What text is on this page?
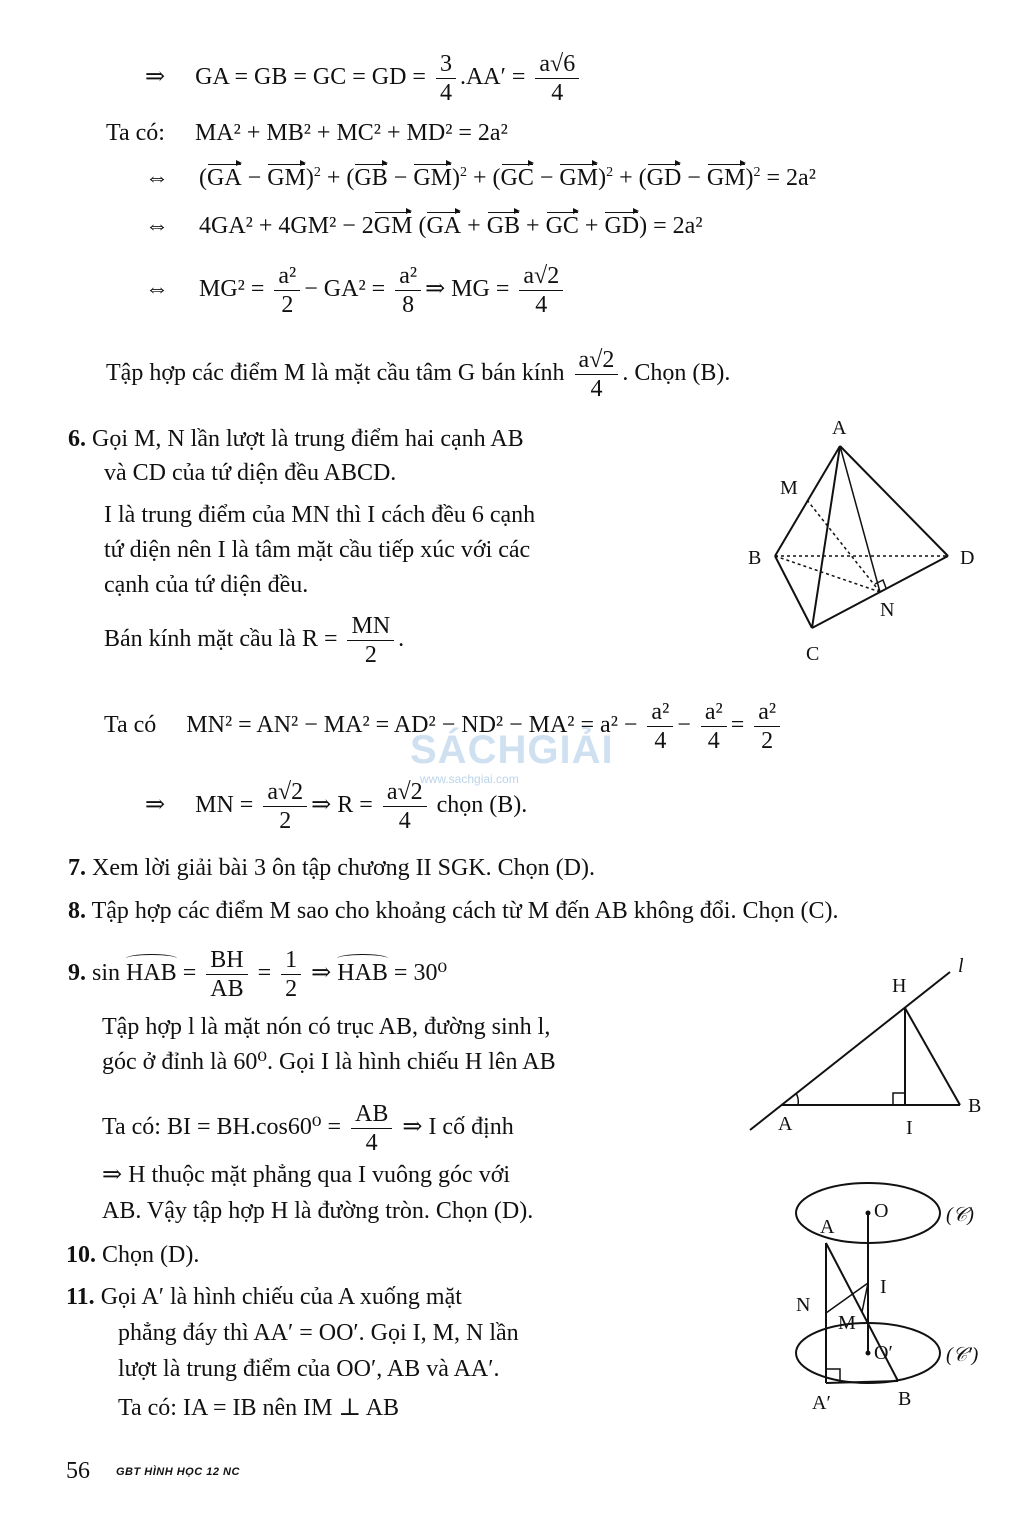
⇒ GA = GB = GC = GD = $\frac{3}{4} .AA' = \frac{a√6}{4}$
Ta có: MA² + MB² + MC² + MD² = 2a²
⇔     (GA − GM)$^2$ + (GB − GM)$^2$ + (GC − GM)$^2$ + (GD − GM)$^2$ = 2a²
⇔ 4GA² + 4GM² − 2GM (GA + GB + GC + GD) = 2a²
⇔ $MG^2 = \frac{\text{a²}}{2} - GA^2 = \frac{\text{a²}}{8}$ ⇒ MG = $\frac{a√2}{4}$
Tập hợp các điểm M là mặt cầu tâm G bán kính $\frac{a√2}{4}$ . Chọn (B).
6. Gọi M, N lần lượt là trung điểm hai cạnh AB
và CD của tứ diện đều ABCD.
I là trung điểm của MN thì I cách đều 6 cạnh
tứ diện nên I là tâm mặt cầu tiếp xúc với các
cạnh của tứ diện đều.
Bán kính mặt cầu là $R = \frac{MN}{2}$ .
A
M
B	D
N
C
Ta có $MN^2 = AN^2 - MA^2 = AD^2 - ND^2 - MA^2 = a^2 - \frac{\text{a²}}{4} - \frac{\text{a²}}{4} = \frac{\text{a²}}{2}$
SÁCHGIẢI
www.sachgiai.com
⇒ MN = $\frac{a√2}{2}$ ⇒ $R = \frac{a√2}{4}$ chọn (B).
7. Xem lời giải bài 3 ôn tập chương II SGK. Chọn (D).
8. Tập hợp các điểm M sao cho khoảng cách từ M đến AB không đổi. Chọn (C).
9. sin HAB = $\frac{BH}{AB} = \frac{1}{2}$ ⇒ HAB = 30⁰
Tập hợp l là mặt nón có trục AB, đường sinh l,
góc ở đỉnh là 60⁰. Gọi I là hình chiếu H lên AB
Ta có: BI = $BH.\cos 60^0 = \frac{AB}{4}$ ⇒ I cố định
⇒ H thuộc mặt phẳng qua I vuông góc với
AB. Vậy tập hợp H là đường tròn. Chọn (D).
H
l
A	I
B
10. Chọn (D).
11. Gọi A′ là hình chiếu của A xuống mặt
phẳng đáy thì AA′ = OO′. Gọi I, M, N lần
lượt là trung điểm của OO′, AB và AA′.
Ta có: IA = IB nên IM ⊥ AB
O	(𝒞)
A
I
N
M
O′	(𝒞′)
A′	B
56 GBT HÌNH HỌC 12 NC
